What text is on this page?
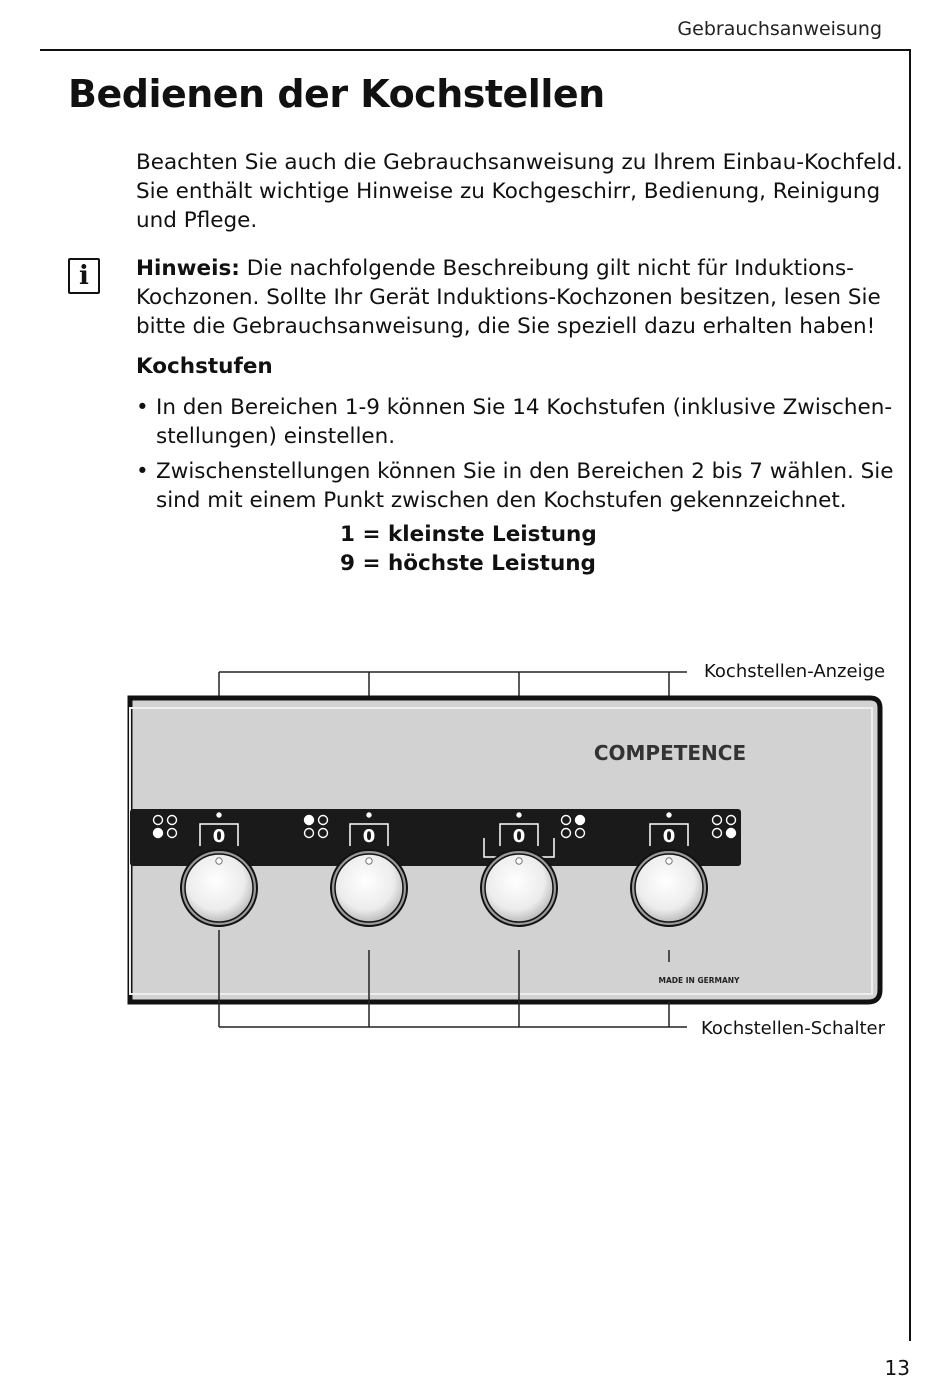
Gebrauchsanweisung
Bedienen der Kochstellen
Beachten Sie auch die Gebrauchsanweisung zu Ihrem Einbau-Kochfeld. Sie enthält wichtige Hinweise zu Kochgeschirr, Bedienung, Reinigung und Pflege.
i	Hinweis: Die nachfolgende Beschreibung gilt nicht für Induktions-Kochzonen. Sollte Ihr Gerät Induktions-Kochzonen besitzen, lesen Sie bitte die Gebrauchsanweisung, die Sie speziell dazu erhalten haben!
Kochstufen
• In den Bereichen 1-9 können Sie 14 Kochstufen (inklusive Zwischen-stellungen) einstellen.
• Zwischenstellungen können Sie in den Bereichen 2 bis 7 wählen. Sie sind mit einem Punkt zwischen den Kochstufen gekennzeichnet.
1 = kleinste Leistung
9 = höchste Leistung
Kochstellen-Anzeige
COMPETENCE
0	0	0	0
MADE IN GERMANY
Kochstellen-Schalter
13
